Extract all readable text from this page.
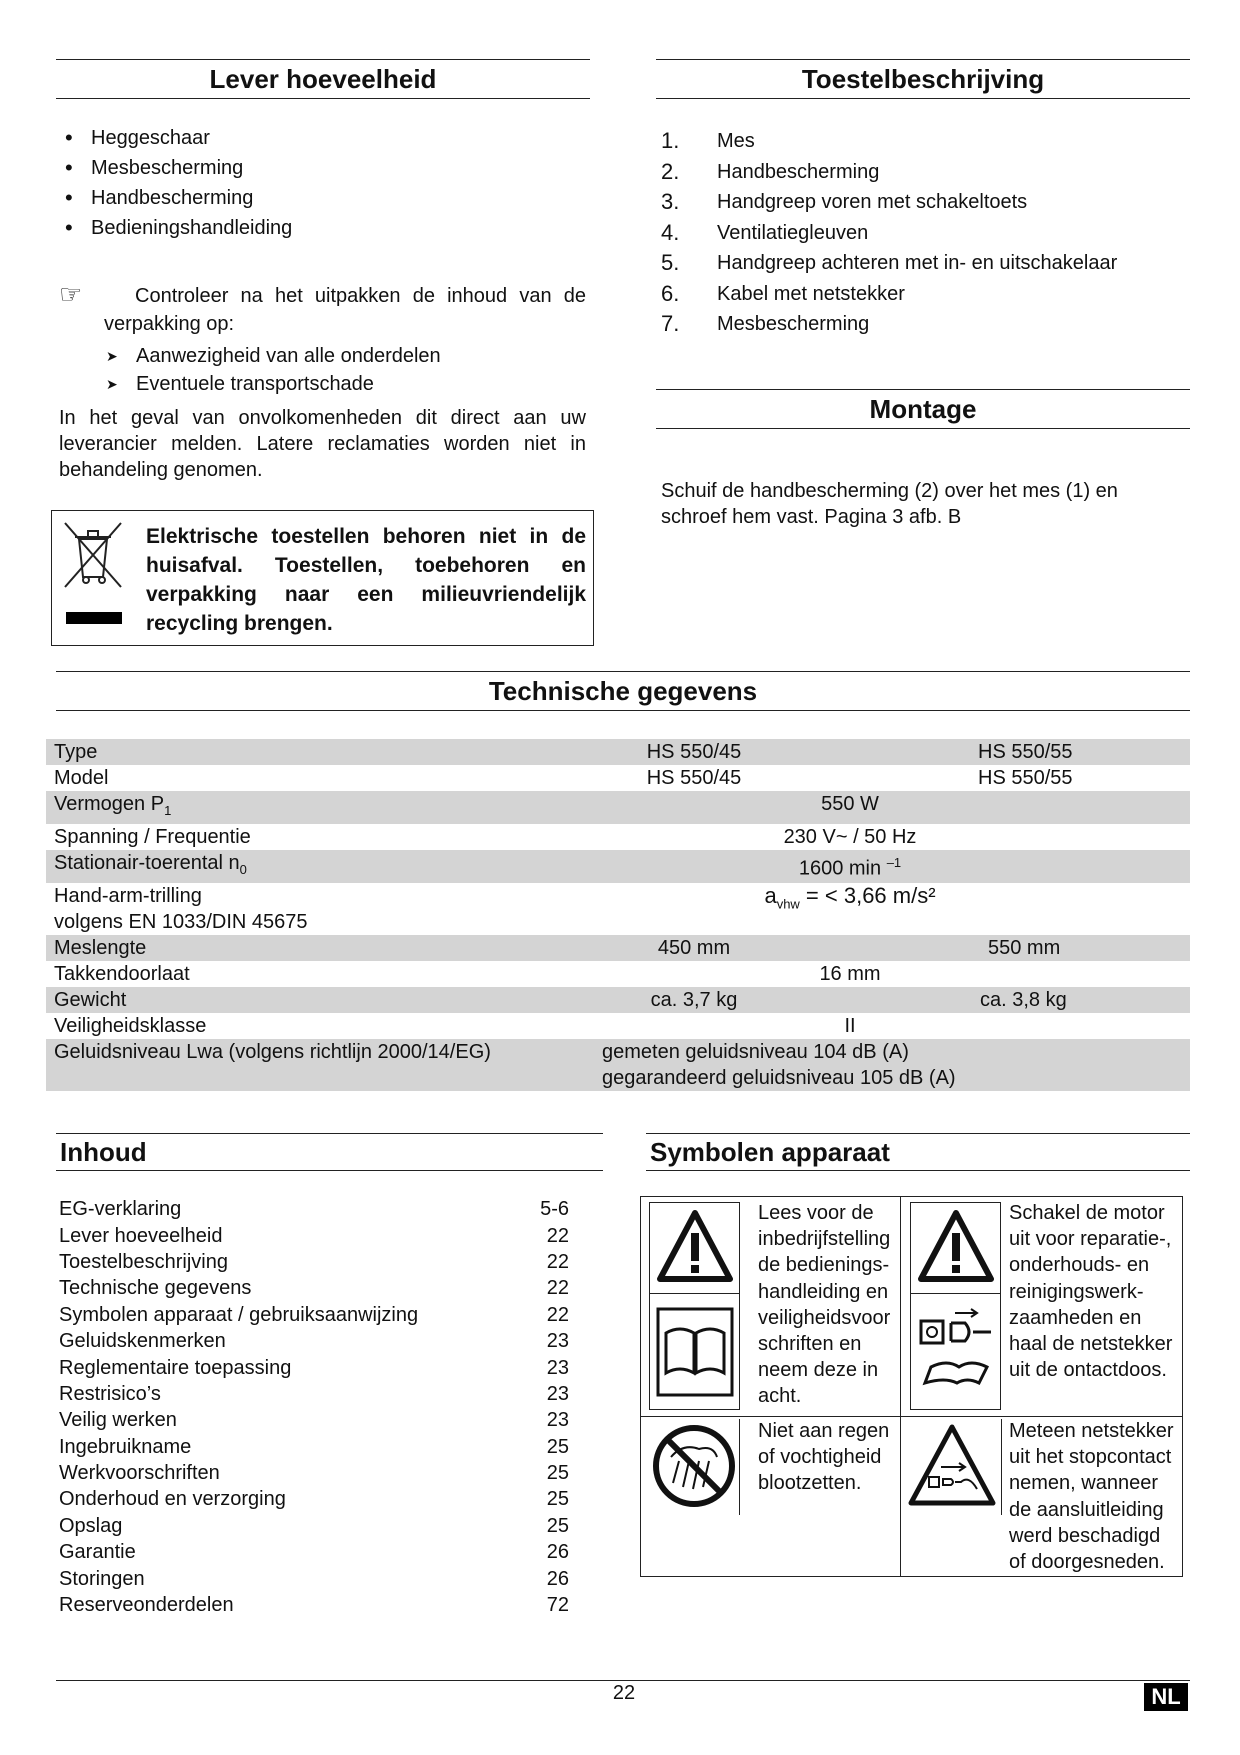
Lever hoeveelheid
• Heggeschaar
• Mesbescherming
• Handbescherming
• Bedieningshandleiding
☞	Controleer na het uitpakken de inhoud van de
verpakking op:
➤ Aanwezigheid van alle onderdelen
➤ Eventuele transportschade
In het geval van onvolkomenheden dit direct aan uw leverancier melden. Latere reclamaties worden niet in behandeling genomen.
Elektrische toestellen behoren niet in de huisafval. Toestellen, toebehoren en verpakking naar een milieuvriendelijk recycling brengen.
Toestelbeschrijving
1.	Mes
2.	Handbescherming
3.	Handgreep voren met schakeltoets
4.	Ventilatiegleuven
5.	Handgreep achteren met in- en uitschakelaar
6.	Kabel met netstekker
7.	Mesbescherming
Montage
Schuif de handbescherming (2) over het mes (1) en schroef hem vast. Pagina 3 afb. B
Technische gegevens
Type	HS 550/45		HS 550/55
Model	HS 550/45		HS 550/55
Vermogen $P_1$	550 W		
Spanning / Frequentie	230 V~ / 50 Hz		
Stationair-toerental $n_0$	1600 min $^{-1}$	

Hand-arm-trilling
volgens EN 1033/DIN 45675	$a_{vhw}$ = < 3,66 m/s²		
Meslengte	450 mm		550 mm
Takkendoorlaat	16 mm		
Gewicht	ca. 3,7 kg		ca. 3,8 kg
Veiligheidsklasse	II		
Geluidsniveau Lwa (volgens richtlijn 2000/14/EG)	gemeten geluidsniveau 104 dB (A)
gegarandeerd geluidsniveau 105 dB (A)		
Inhoud
EG-verklaring	5-6
Lever hoeveelheid	22
Toestelbeschrijving	22
Technische gegevens	22
Symbolen apparaat / gebruiksaanwijzing	22
Geluidskenmerken	23
Reglementaire toepassing	23
Restrisico’s	23
Veilig werken	23
Ingebruikname	25
Werkvoorschriften	25
Onderhoud en verzorging	25
Opslag	25
Garantie	26
Storingen	26
Reserveonderdelen	72
Symbolen apparaat
Lees voor de
inbedrijfstelling
de bedienings-
handleiding en
veiligheidsvoor
schriften en
neem deze in
acht.
Schakel de motor
uit voor reparatie-,
onderhouds- en
reinigingswerk-
zaamheden en
haal de netstekker
uit de ontactdoos.
Niet aan regen
of vochtigheid
blootzetten.
Meteen netstekker
uit het stopcontact
nemen, wanneer
de aansluitleiding
werd beschadigd
of doorgesneden.
22	NL
